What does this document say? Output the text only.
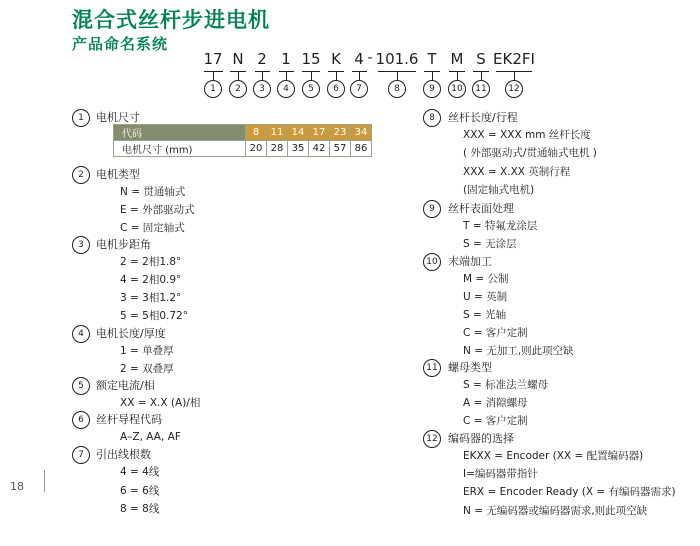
混合式丝杆步进电机
产品命名系统
17 N 2 1 15 K 4 - 101.6 T M S EK2FI
1	2	3	4	5	6	7	8	9	10	11	12
1	电机尺寸
代码	8	11	14	17	23	34
电机尺寸 (mm)	20	28	35	42	57	86
2	电机类型
N = 贯通轴式
E = 外部驱动式
C = 固定轴式
3	电机步距角
2 = 2相1.8°
4 = 2相0.9°
3 = 3相1.2°
5 = 5相0.72°
4	电机长度/厚度
1 = 单叠厚
2 = 双叠厚
5	额定电流/相
XX = X.X (A)/相
6	丝杆导程代码
A–Z, AA, AF
7	引出线根数
4 = 4线
6 = 6线
8 = 8线
8	丝杆长度/行程
XXX = XXX mm 丝杆长度
( 外部驱动式/贯通轴式电机 )
XXX = X.XX 英制行程
(固定轴式电机)
9	丝杆表面处理
T = 特氟龙涂层
S = 无涂层
10 末端加工
M = 公制
U = 英制
S = 光轴
C = 客户定制
N = 无加工,则此项空缺
11 螺母类型
S = 标准法兰螺母
A = 消隙螺母
C = 客户定制
12 编码器的选择
EKXX = Encoder (XX = 配置编码器)
I=编码器带指针
ERX = Encoder Ready (X = 有编码器需求)
N = 无编码器或编码器需求,则此项空缺
18
